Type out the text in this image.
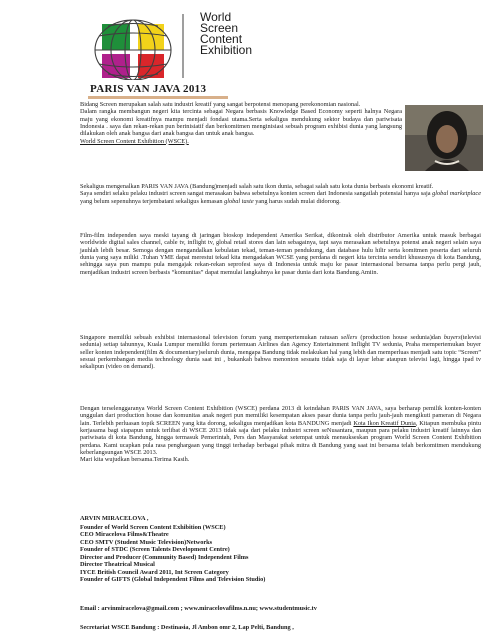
World
Screen
Content
Exhibition
PARIS VAN JAVA 2013

Bidang Screen merupakan salah satu industri kreatif yang sangat berpotensi menopang perekonomian nasional.

Dalam rangka membangun negeri kita tercinta sebagai Negara berbasis Knowledge Based Economy seperti halnya Negara maju yang ekonomi kreatifnya mampu menjadi fondasi utama.Serta sekaligus mendukung sektor budaya dan pariwisata Indonesia . saya dan rekan-rekan pun berinisiatif dan berkomitmen menginisiasi sebuah program exhibisi dunia yang langsung dilakukan oleh anak bangsa dari anak bangsa dan untuk anak bangsa.

World Screen Content Exhibition (WSCE).

Sekaligus mengenalkan PARIS VAN JAVA (Bandung)menjadi salah satu ikon dunia, sebagai salah satu kota dunia berbasis ekonomi kreatif.

Saya sendiri selaku pelaku industri screen sangat merasakan bahwa sebetulnya konten screen dari Indonesia sangatlah potensial hanya saja global marketplace yang belum sepenuhnya terjembatani sekaligus kemasan global taste yang harus sudah mulai didorong.

Film-film independen saya meski tayang di jaringan bioskop independent Amerika Serikat, dikontrak oleh distributor Amerika untuk masuk berbagai worldwide digital sales channel, cable tv, inflight tv, global retail stores dan lain sebagainya, tapi saya merasakan sebetulnya potensi anak negeri selain saya jauhlah lebih besar. Semoga dengan mengandalkan kebulatan tekad, teman-teman pendukung, dan database hulu hilir serta komitmen peserta dari seluruh dunia yang saya miliki .Tuhan YME dapat merestui tekad kita mengadakan WCSE yang perdana di negeri kita tercinta sendiri khususnya di kota Bandung, sehingga saya pun mampu pula mengajak rekan-rekan seprofesi saya di Indonesia untuk maju ke pasar internasional bersama tanpa perlu pergi jauh, menjadikan industri screen berbasis “komunitas” dapat memulai langkahnya ke pasar dunia dari kota Bandung.Amiin.

Singapore memiliki sebuah exhibisi internasional television forum yang mempertemukan ratusan sellers (production house sedunia)dan buyers(televisi sedunia) setiap tahunnya, Kuala Lumpur memiliki forum pertemuan Airlines dan Agency Entertainment Inflight TV sedunia, Praha mempertemukan buyer seller konten independent(film & documentary)seluruh dunia, mengapa Bandung tidak melakukan hal yang lebih dan memperluas menjadi satu topic “Screen” sesuai perkembangan media technology dunia saat ini , bukankah bahwa menonton sesuatu tidak saja di layar lebar ataupun televisi lagi, hingga ipad tv sekalipun (video on demand).

Dengan terselenggaranya World Screen Content Exhibition (WSCE) perdana 2013 di keindahan PARIS VAN JAVA, saya berharap pemilik konten-konten unggulan dari production house dan komunitas anak negeri pun memiliki kesempatan akses pasar dunia tanpa perlu jauh-jauh mengikuti pameran di Negara lain. Terlebih perluasan topik SCREEN yang kita dorong, sekaligus menjadikan kota BANDUNG menjadi Kota Ikon Kreatif Dunia, Kitapun membuka pintu kerjasama bagi siapapun untuk terlibat di WSCE 2013 tidak saja dari pelaku industri screen seNusantara, maupun para pelaku industri kreatif lainnya dan pariwisata di kota Bandung, hingga termasuk Pemerintah, Pers dan Masyarakat setempat untuk mensukseskan program World Screen Content Exhibition perdana. Kami ucapkan pula rasa penghargaan yang tinggi terhadap berbagai pihak mitra di Bandung yang saat ini bersama telah berkomitmen mendukung keberlangsungan WSCE 2013.

Mari kita wujudkan bersama.Terima Kasih.

ARVIN MIRACELOVA ,
Founder of World Screen Content Exhibition (WSCE)
CEO Miracelova Films&Theatre
CEO SMTV (Student Music Television)Networks
Founder of STDC (Screen Talents Development Centre)
Director and Producer (Community Based) Independent Films
Director Theatrical Musical
IYCE British Council Award 2011, Int Screen Category
Founder of GIFTS (Global Independent Films and Television Studio)
Email : arvinmiracelova@gmail.com ; www.miracelovafilms.n.nu; www.studentmusic.tv
Secretariat WSCE Bandung : Destinasia, Jl Ambon omr 2, Lap Pelti, Bandung ,
